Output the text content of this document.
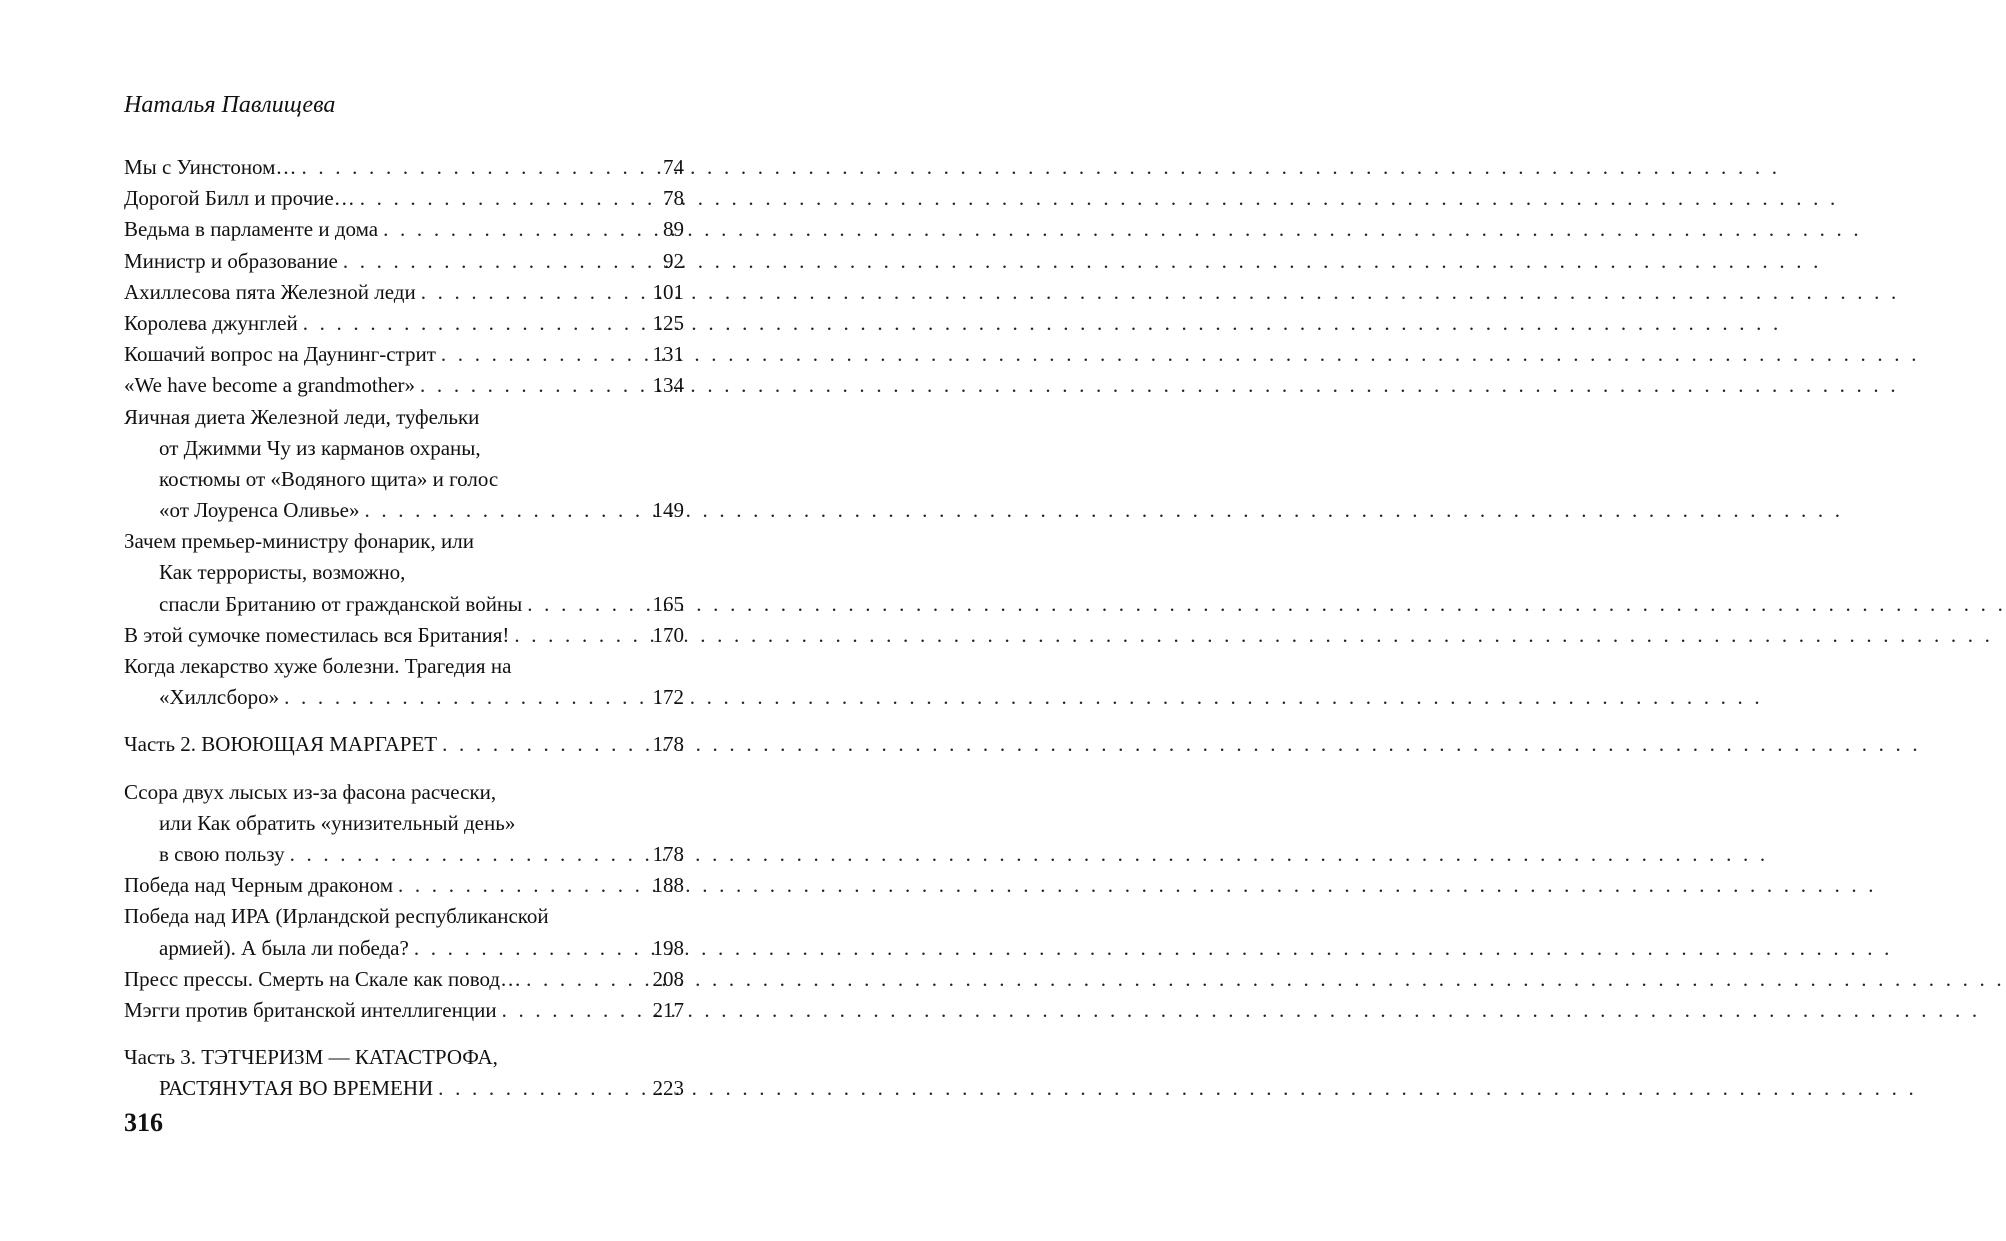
Наталья Павлищева
Мы с Уинстоном… . . .	74
Дорогой Билл и прочие… . . .	78
Ведьма в парламенте и дома . . .	89
Министр и образование . . .	92
Ахиллесова пята Железной леди . . .	101
Королева джунглей . . .	125
Кошачий вопрос на Даунинг-стрит . . .	131
«We have become a grandmother» . . .	134
Яичная диета Железной леди, туфельки
от Джимми Чу из карманов охраны,
костюмы от «Водяного щита» и голос
«от Лоуренса Оливье» . . .	149
Зачем премьер-министру фонарик, или
Как террористы, возможно,
спасли Британию от гражданской войны . . .	165
В этой сумочке поместилась вся Британия! . . .	170
Когда лекарство хуже болезни. Трагедия на
«Хиллсборо» . . .	172
Часть 2. ВОЮЮЩАЯ МАРГАРЕТ . . .	178
Ссора двух лысых из-за фасона расчески,
или Как обратить «унизительный день»
в свою пользу . . .	178
Победа над Черным драконом . . .	188
Победа над ИРА (Ирландской республиканской
армией). А была ли победа? . . .	198
Пресс прессы. Смерть на Скале как повод… . . .	208
Мэгги против британской интеллигенции . . .	217
Часть 3. ТЭТЧЕРИЗМ — КАТАСТРОФА,
РАСТЯНУТАЯ ВО ВРЕМЕНИ . . .	223
316
